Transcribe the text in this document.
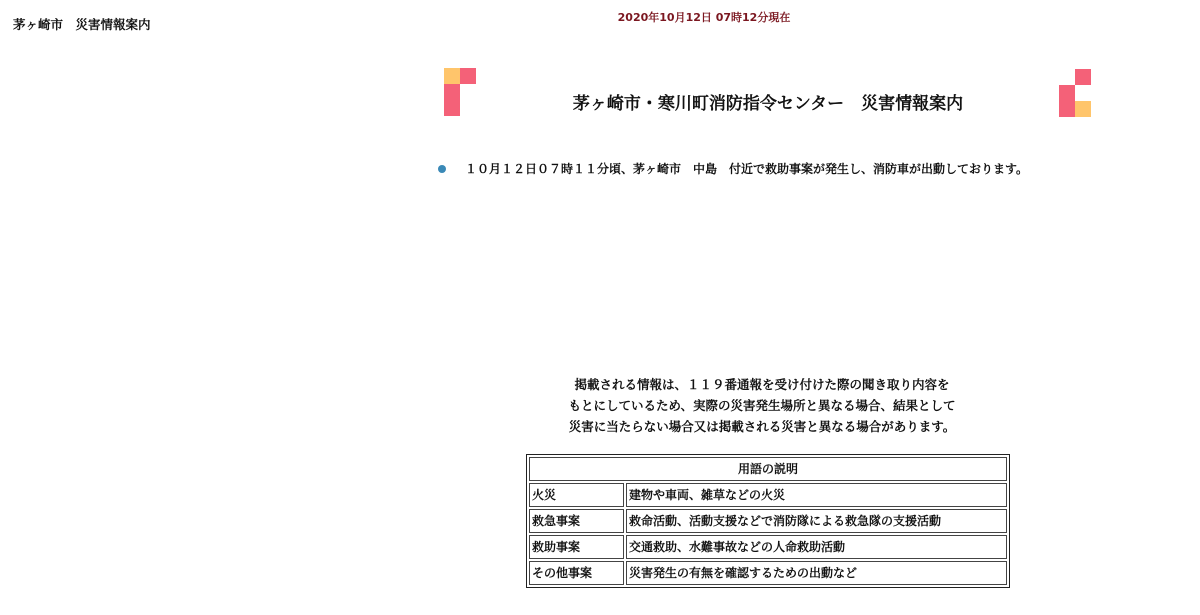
茅ヶ崎市　災害情報案内	2020年10月12日 07時12分現在
茅ヶ崎市・寒川町消防指令センター　災害情報案内
１０月１２日０７時１１分頃、茅ヶ崎市　中島　付近で救助事案が発生し、消防車が出動しております。
掲載される情報は、１１９番通報を受け付けた際の聞き取り内容を
もとにしているため、実際の災害発生場所と異なる場合、結果として
災害に当たらない場合又は掲載される災害と異なる場合があります。
用語の説明	
火災	建物や車両、雑草などの火災
救急事案	救命活動、活動支援などで消防隊による救急隊の支援活動
救助事案	交通救助、水難事故などの人命救助活動
その他事案	災害発生の有無を確認するための出動など
